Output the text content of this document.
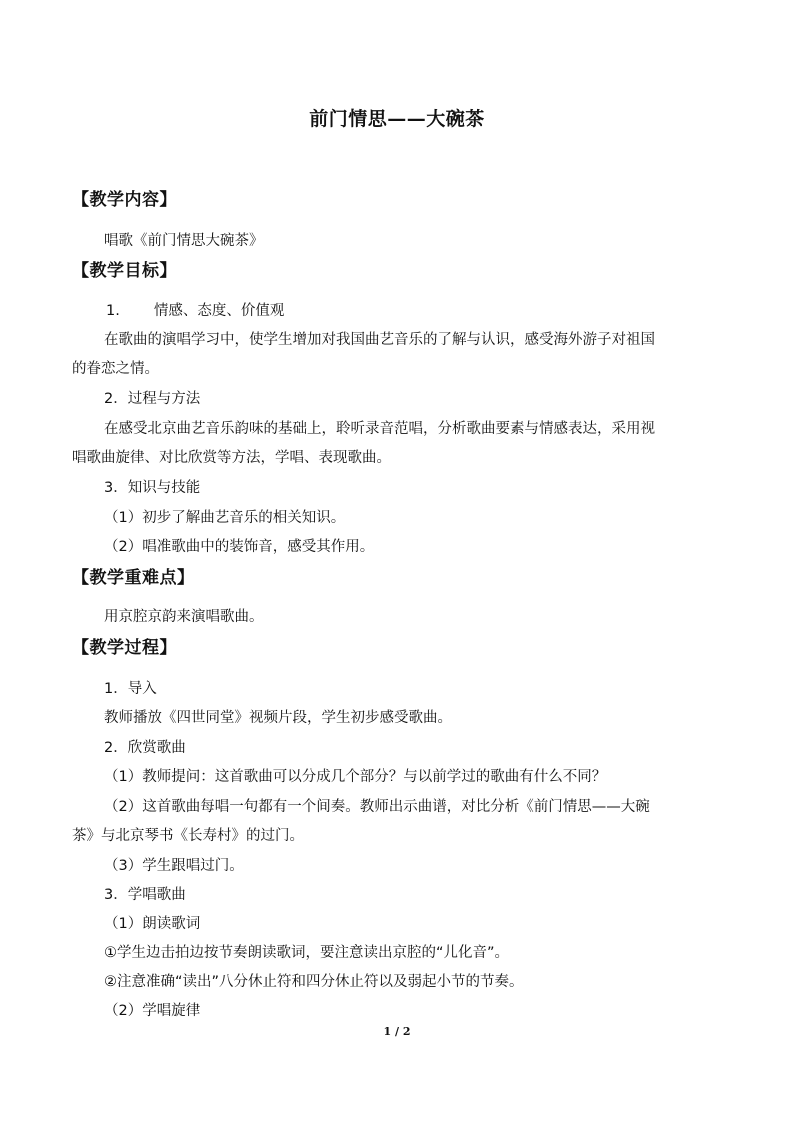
前门情思——大碗茶
【教学内容】
唱歌《前门情思大碗茶》
【教学目标】
1. 情感、态度、价值观
在歌曲的演唱学习中，使学生增加对我国曲艺音乐的了解与认识，感受海外游子对祖国
的眷恋之情。
2．过程与方法
在感受北京曲艺音乐韵味的基础上，聆听录音范唱，分析歌曲要素与情感表达，采用视
唱歌曲旋律、对比欣赏等方法，学唱、表现歌曲。
3．知识与技能
（1）初步了解曲艺音乐的相关知识。
（2）唱准歌曲中的装饰音，感受其作用。
【教学重难点】
用京腔京韵来演唱歌曲。
【教学过程】
1．导入
教师播放《四世同堂》视频片段，学生初步感受歌曲。
2．欣赏歌曲
（1）教师提问：这首歌曲可以分成几个部分？与以前学过的歌曲有什么不同？
（2）这首歌曲每唱一句都有一个间奏。教师出示曲谱，对比分析《前门情思——大碗
茶》与北京琴书《长寿村》的过门。
（3）学生跟唱过门。
3．学唱歌曲
（1）朗读歌词
①学生边击拍边按节奏朗读歌词，要注意读出京腔的“儿化音”。
②注意准确“读出”八分休止符和四分休止符以及弱起小节的节奏。
（2）学唱旋律
1 / 2
